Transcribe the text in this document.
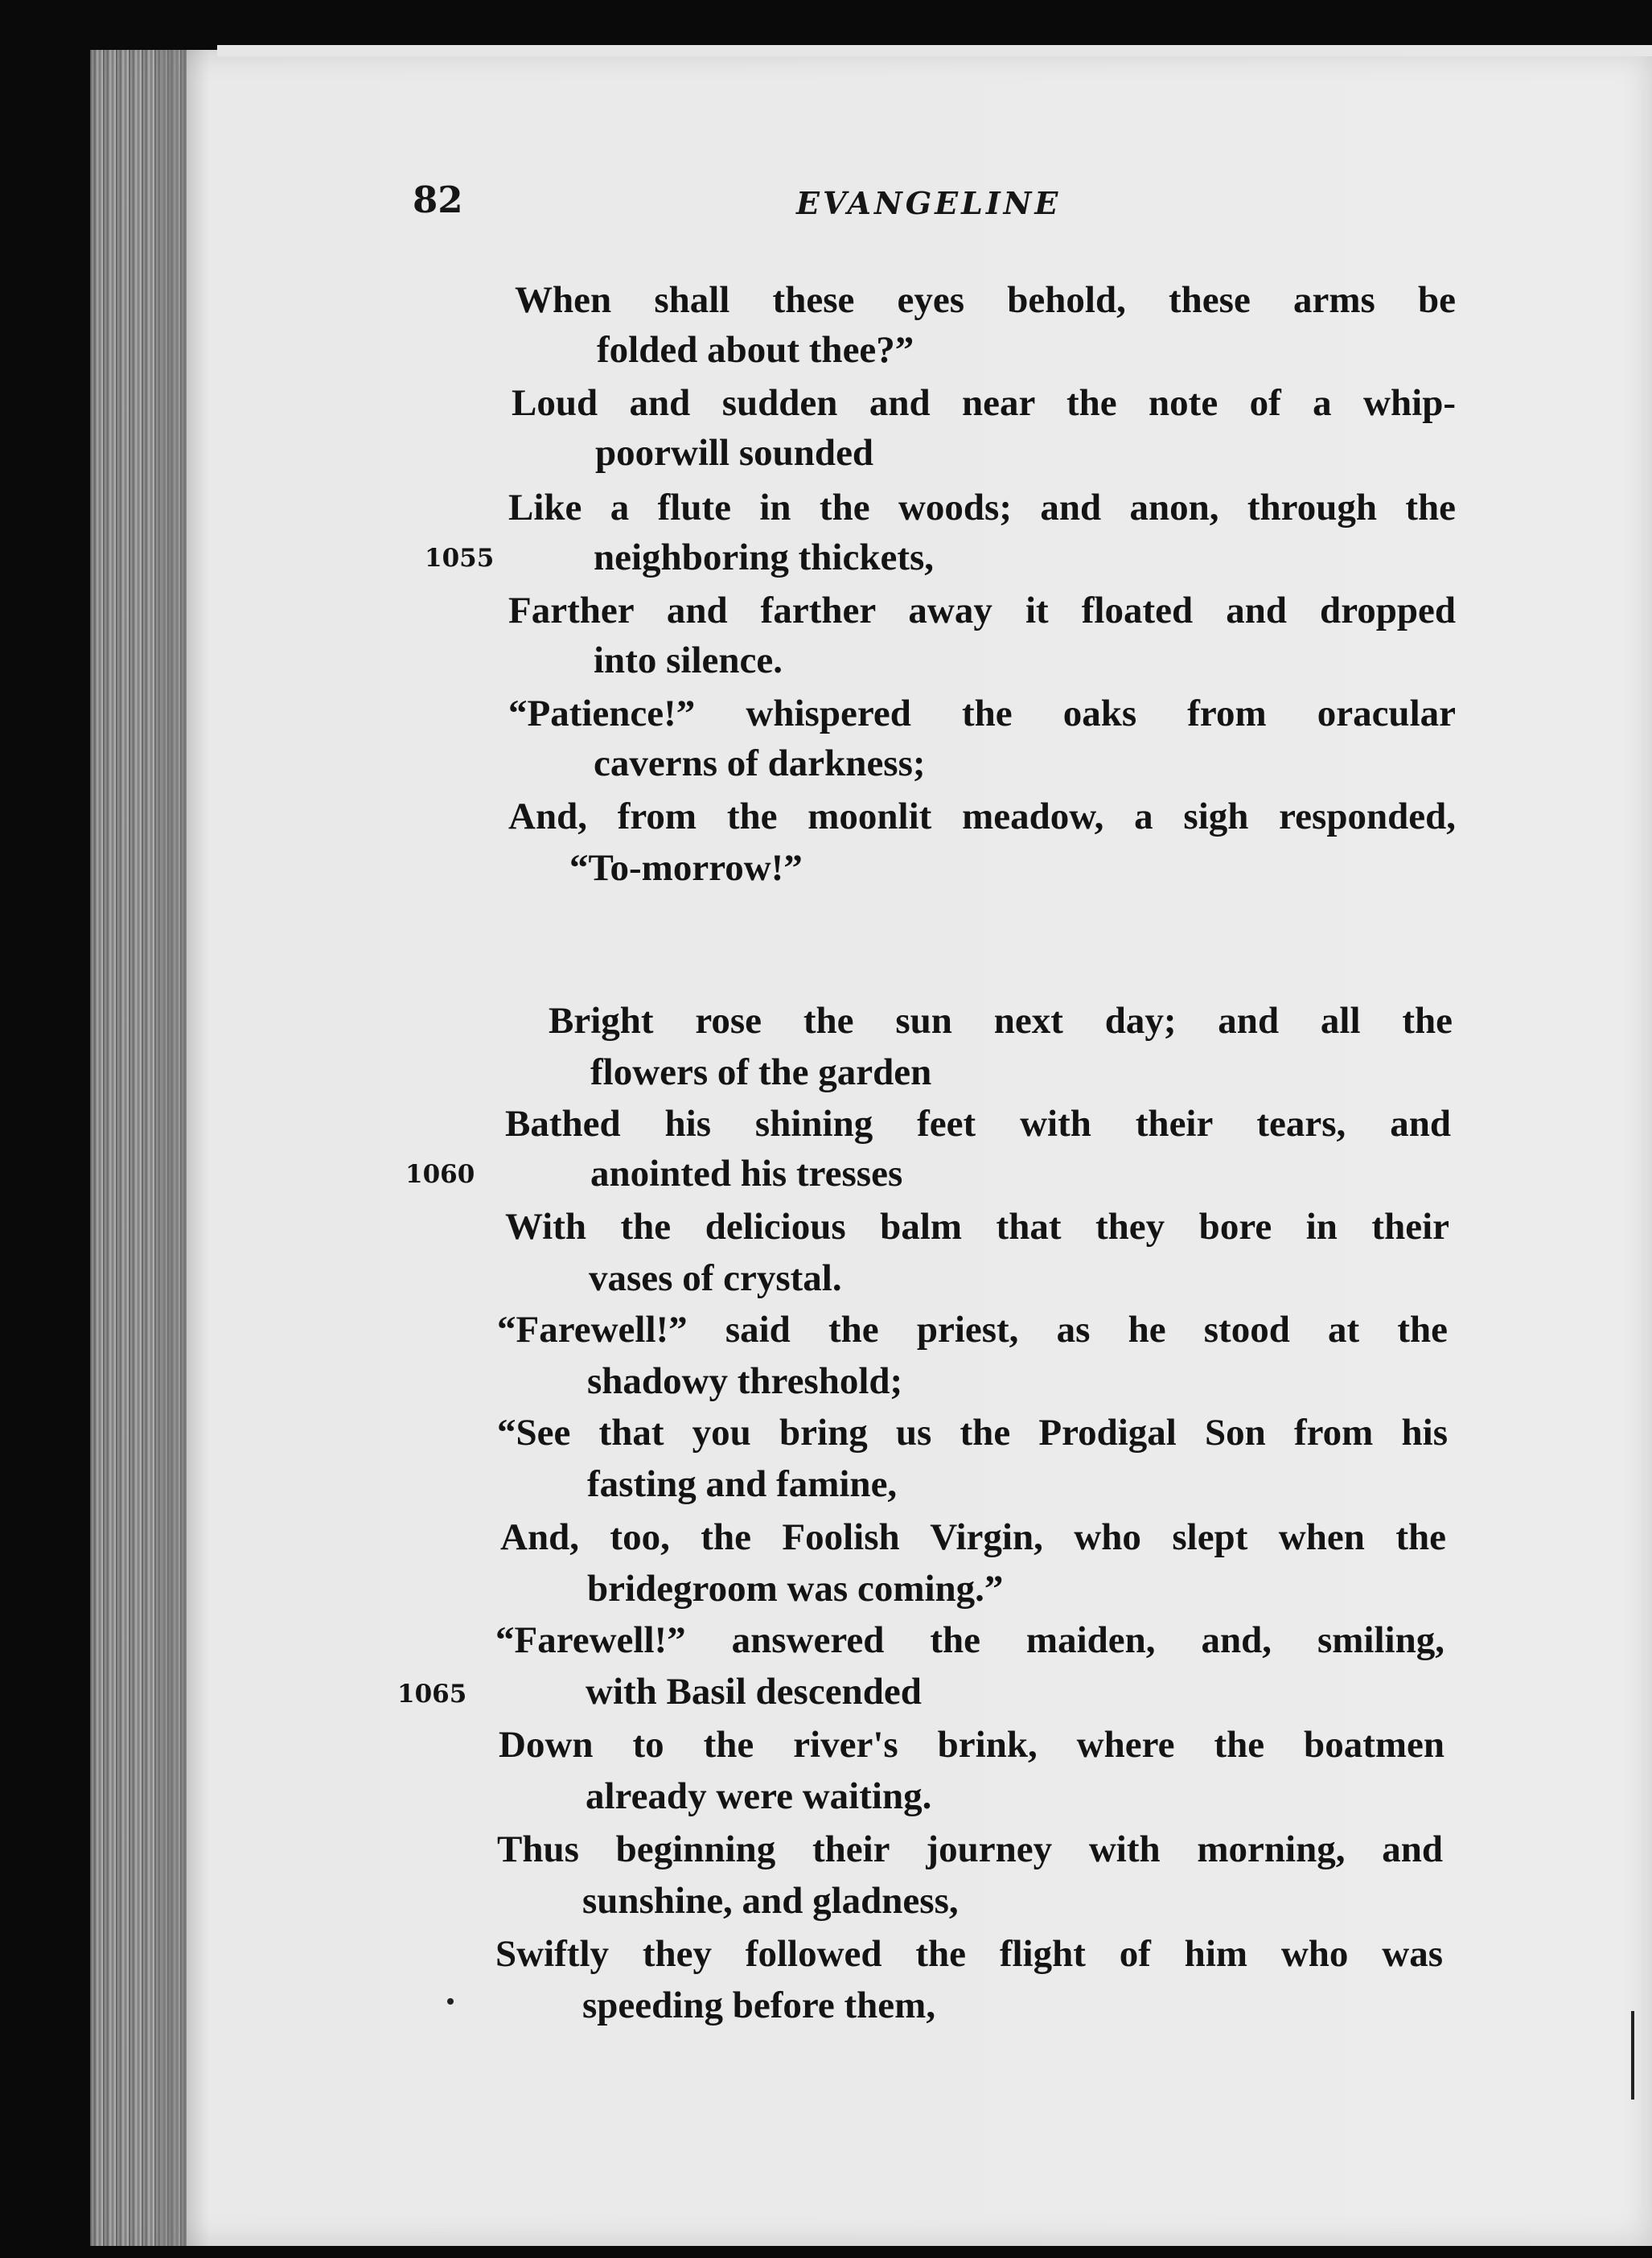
82	EVANGELINE
When shall these eyes behold, these arms be
folded about thee?”
Loud and sudden and near the note of a whip-
poorwill sounded
Like a flute in the woods; and anon, through the
1055	neighboring thickets,
Farther and farther away it floated and dropped
into silence.
“Patience!” whispered the oaks from oracular
caverns of darkness;
And, from the moonlit meadow, a sigh responded,
“To-morrow!”
Bright rose the sun next day; and all the
flowers of the garden
Bathed his shining feet with their tears, and
1060	anointed his tresses
With the delicious balm that they bore in their
vases of crystal.
“Farewell!” said the priest, as he stood at the
shadowy threshold;
“See that you bring us the Prodigal Son from his
fasting and famine,
And, too, the Foolish Virgin, who slept when the
bridegroom was coming.”
“Farewell!” answered the maiden, and, smiling,
1065	with Basil descended
Down to the river's brink, where the boatmen
already were waiting.
Thus beginning their journey with morning, and
sunshine, and gladness,
Swiftly they followed the flight of him who was
speeding before them,
